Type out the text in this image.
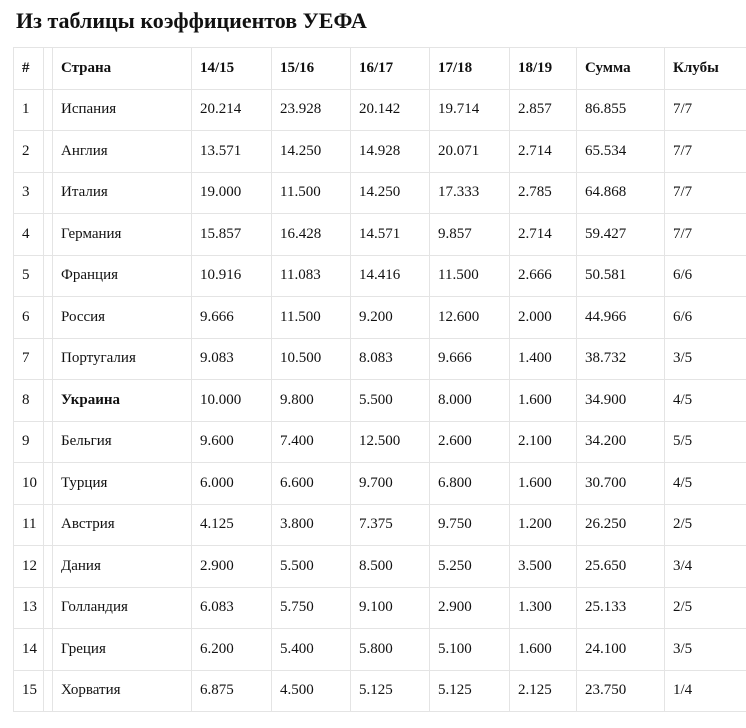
Из таблицы коэффициентов УЕФА
#		Страна	14/15	15/16	16/17	17/18	18/19	Сумма	Клубы
1		Испания	20.214	23.928	20.142	19.714	2.857	86.855	7/7
2		Англия	13.571	14.250	14.928	20.071	2.714	65.534	7/7
3		Италия	19.000	11.500	14.250	17.333	2.785	64.868	7/7
4		Германия	15.857	16.428	14.571	9.857	2.714	59.427	7/7
5		Франция	10.916	11.083	14.416	11.500	2.666	50.581	6/6
6		Россия	9.666	11.500	9.200	12.600	2.000	44.966	6/6
7		Португалия	9.083	10.500	8.083	9.666	1.400	38.732	3/5
8		Украина	10.000	9.800	5.500	8.000	1.600	34.900	4/5
9		Бельгия	9.600	7.400	12.500	2.600	2.100	34.200	5/5
10		Турция	6.000	6.600	9.700	6.800	1.600	30.700	4/5
11		Австрия	4.125	3.800	7.375	9.750	1.200	26.250	2/5
12		Дания	2.900	5.500	8.500	5.250	3.500	25.650	3/4
13		Голландия	6.083	5.750	9.100	2.900	1.300	25.133	2/5
14		Греция	6.200	5.400	5.800	5.100	1.600	24.100	3/5
15		Хорватия	6.875	4.500	5.125	5.125	2.125	23.750	1/4
